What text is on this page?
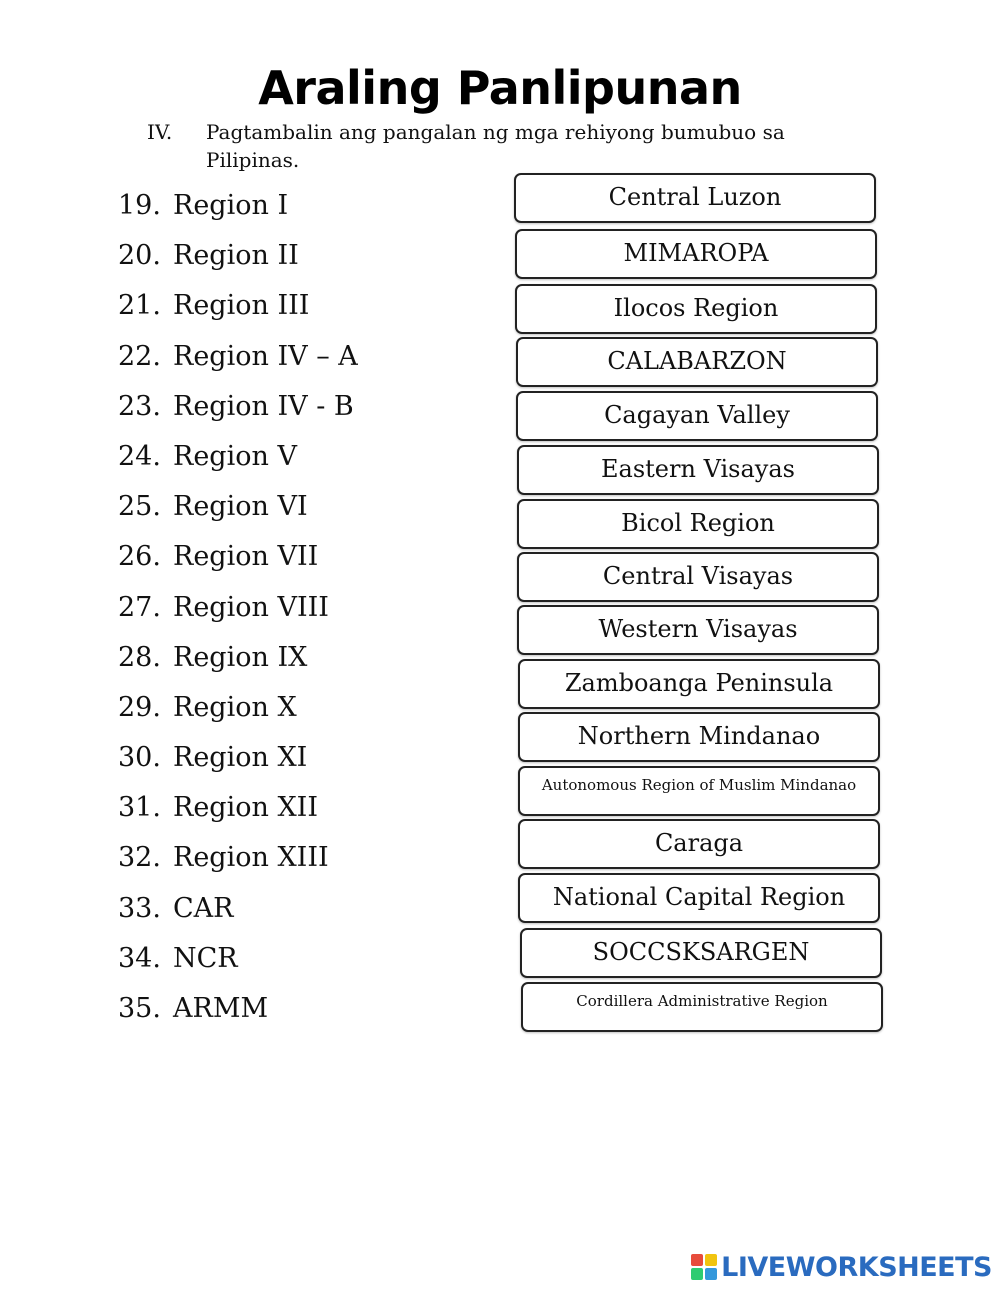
Araling Panlipunan
IV. Pagtambalin ang pangalan ng mga rehiyong bumubuo sa Pilipinas.
19. Region I
20. Region II
21. Region III
22. Region IV – A
23. Region IV - B
24. Region V
25. Region VI
26. Region VII
27. Region VIII
28. Region IX
29. Region X
30. Region XI
31. Region XII
32. Region XIII
33. CAR
34. NCR
35. ARMM
Central Luzon
MIMAROPA
Ilocos Region
CALABARZON
Cagayan Valley
Eastern Visayas
Bicol Region
Central Visayas
Western Visayas
Zamboanga Peninsula
Northern Mindanao
Autonomous Region of Muslim Mindanao
Caraga
National Capital Region
SOCCSKSARGEN
Cordillera Administrative Region
LIVEWORKSHEETS
